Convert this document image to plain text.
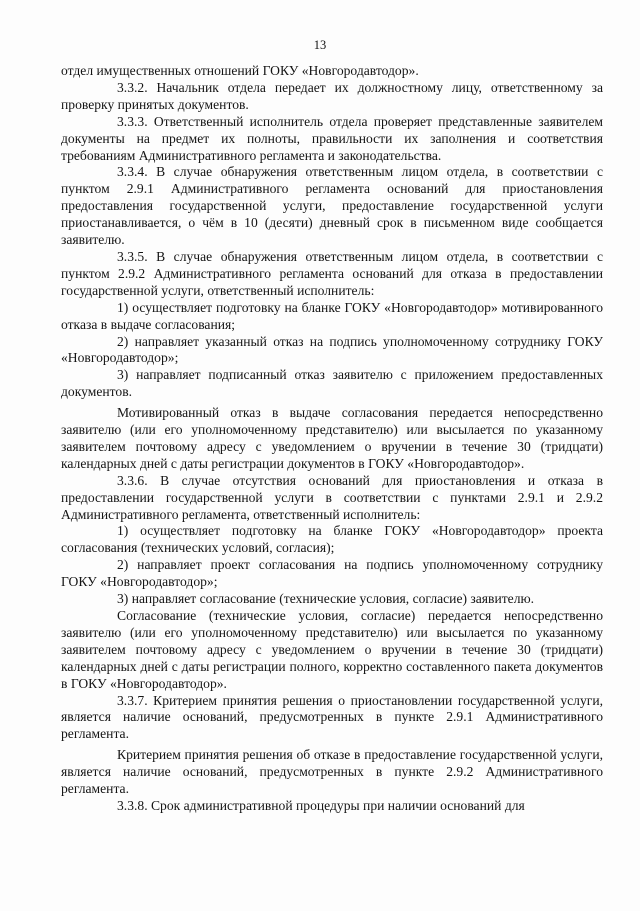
13

отдел имущественных отношений ГОКУ «Новгородавтодор».

3.3.2. Начальник отдела передает их должностному лицу, ответственному за проверку принятых документов.

3.3.3. Ответственный исполнитель отдела проверяет представленные заявителем документы на предмет их полноты, правильности их заполнения и соответствия требованиям Административного регламента и законодательства.

3.3.4. В случае обнаружения ответственным лицом отдела, в соответствии с пунктом 2.9.1 Административного регламента оснований для приостановления предоставления государственной услуги, предоставление государственной услуги приостанавливается, о чём в 10 (десяти) дневный срок в письменном виде сообщается заявителю.

3.3.5. В случае обнаружения ответственным лицом отдела, в соответствии с пунктом 2.9.2 Административного регламента оснований для отказа в предоставлении государственной услуги, ответственный исполнитель:

1) осуществляет подготовку на бланке ГОКУ «Новгородавтодор» мотивированного отказа в выдаче согласования;

2) направляет указанный отказ на подпись уполномоченному сотруднику ГОКУ «Новгородавтодор»;

3) направляет подписанный отказ заявителю с приложением предоставленных документов.

Мотивированный отказ в выдаче согласования передается непосредственно заявителю (или его уполномоченному представителю) или высылается по указанному заявителем почтовому адресу с уведомлением о вручении в течение 30 (тридцати) календарных дней с даты регистрации документов в ГОКУ «Новгородавтодор».

3.3.6. В случае отсутствия оснований для приостановления и отказа в предоставлении государственной услуги в соответствии с пунктами 2.9.1 и 2.9.2 Административного регламента, ответственный исполнитель:

1) осуществляет подготовку на бланке ГОКУ «Новгородавтодор» проекта согласования (технических условий, согласия);

2) направляет проект согласования на подпись уполномоченному сотруднику ГОКУ «Новгородавтодор»;

3) направляет согласование (технические условия, согласие) заявителю.

Согласование (технические условия, согласие) передается непосредственно заявителю (или его уполномоченному представителю) или высылается по указанному заявителем почтовому адресу с уведомлением о вручении в течение 30 (тридцати) календарных дней с даты регистрации полного, корректно составленного пакета документов в ГОКУ «Новгородавтодор».

3.3.7. Критерием принятия решения о приостановлении государственной услуги, является наличие оснований, предусмотренных в пункте 2.9.1 Административного регламента.

Критерием принятия решения об отказе в предоставление государственной услуги, является наличие оснований, предусмотренных в пункте 2.9.2 Административного регламента.

3.3.8. Срок административной процедуры при наличии оснований для
